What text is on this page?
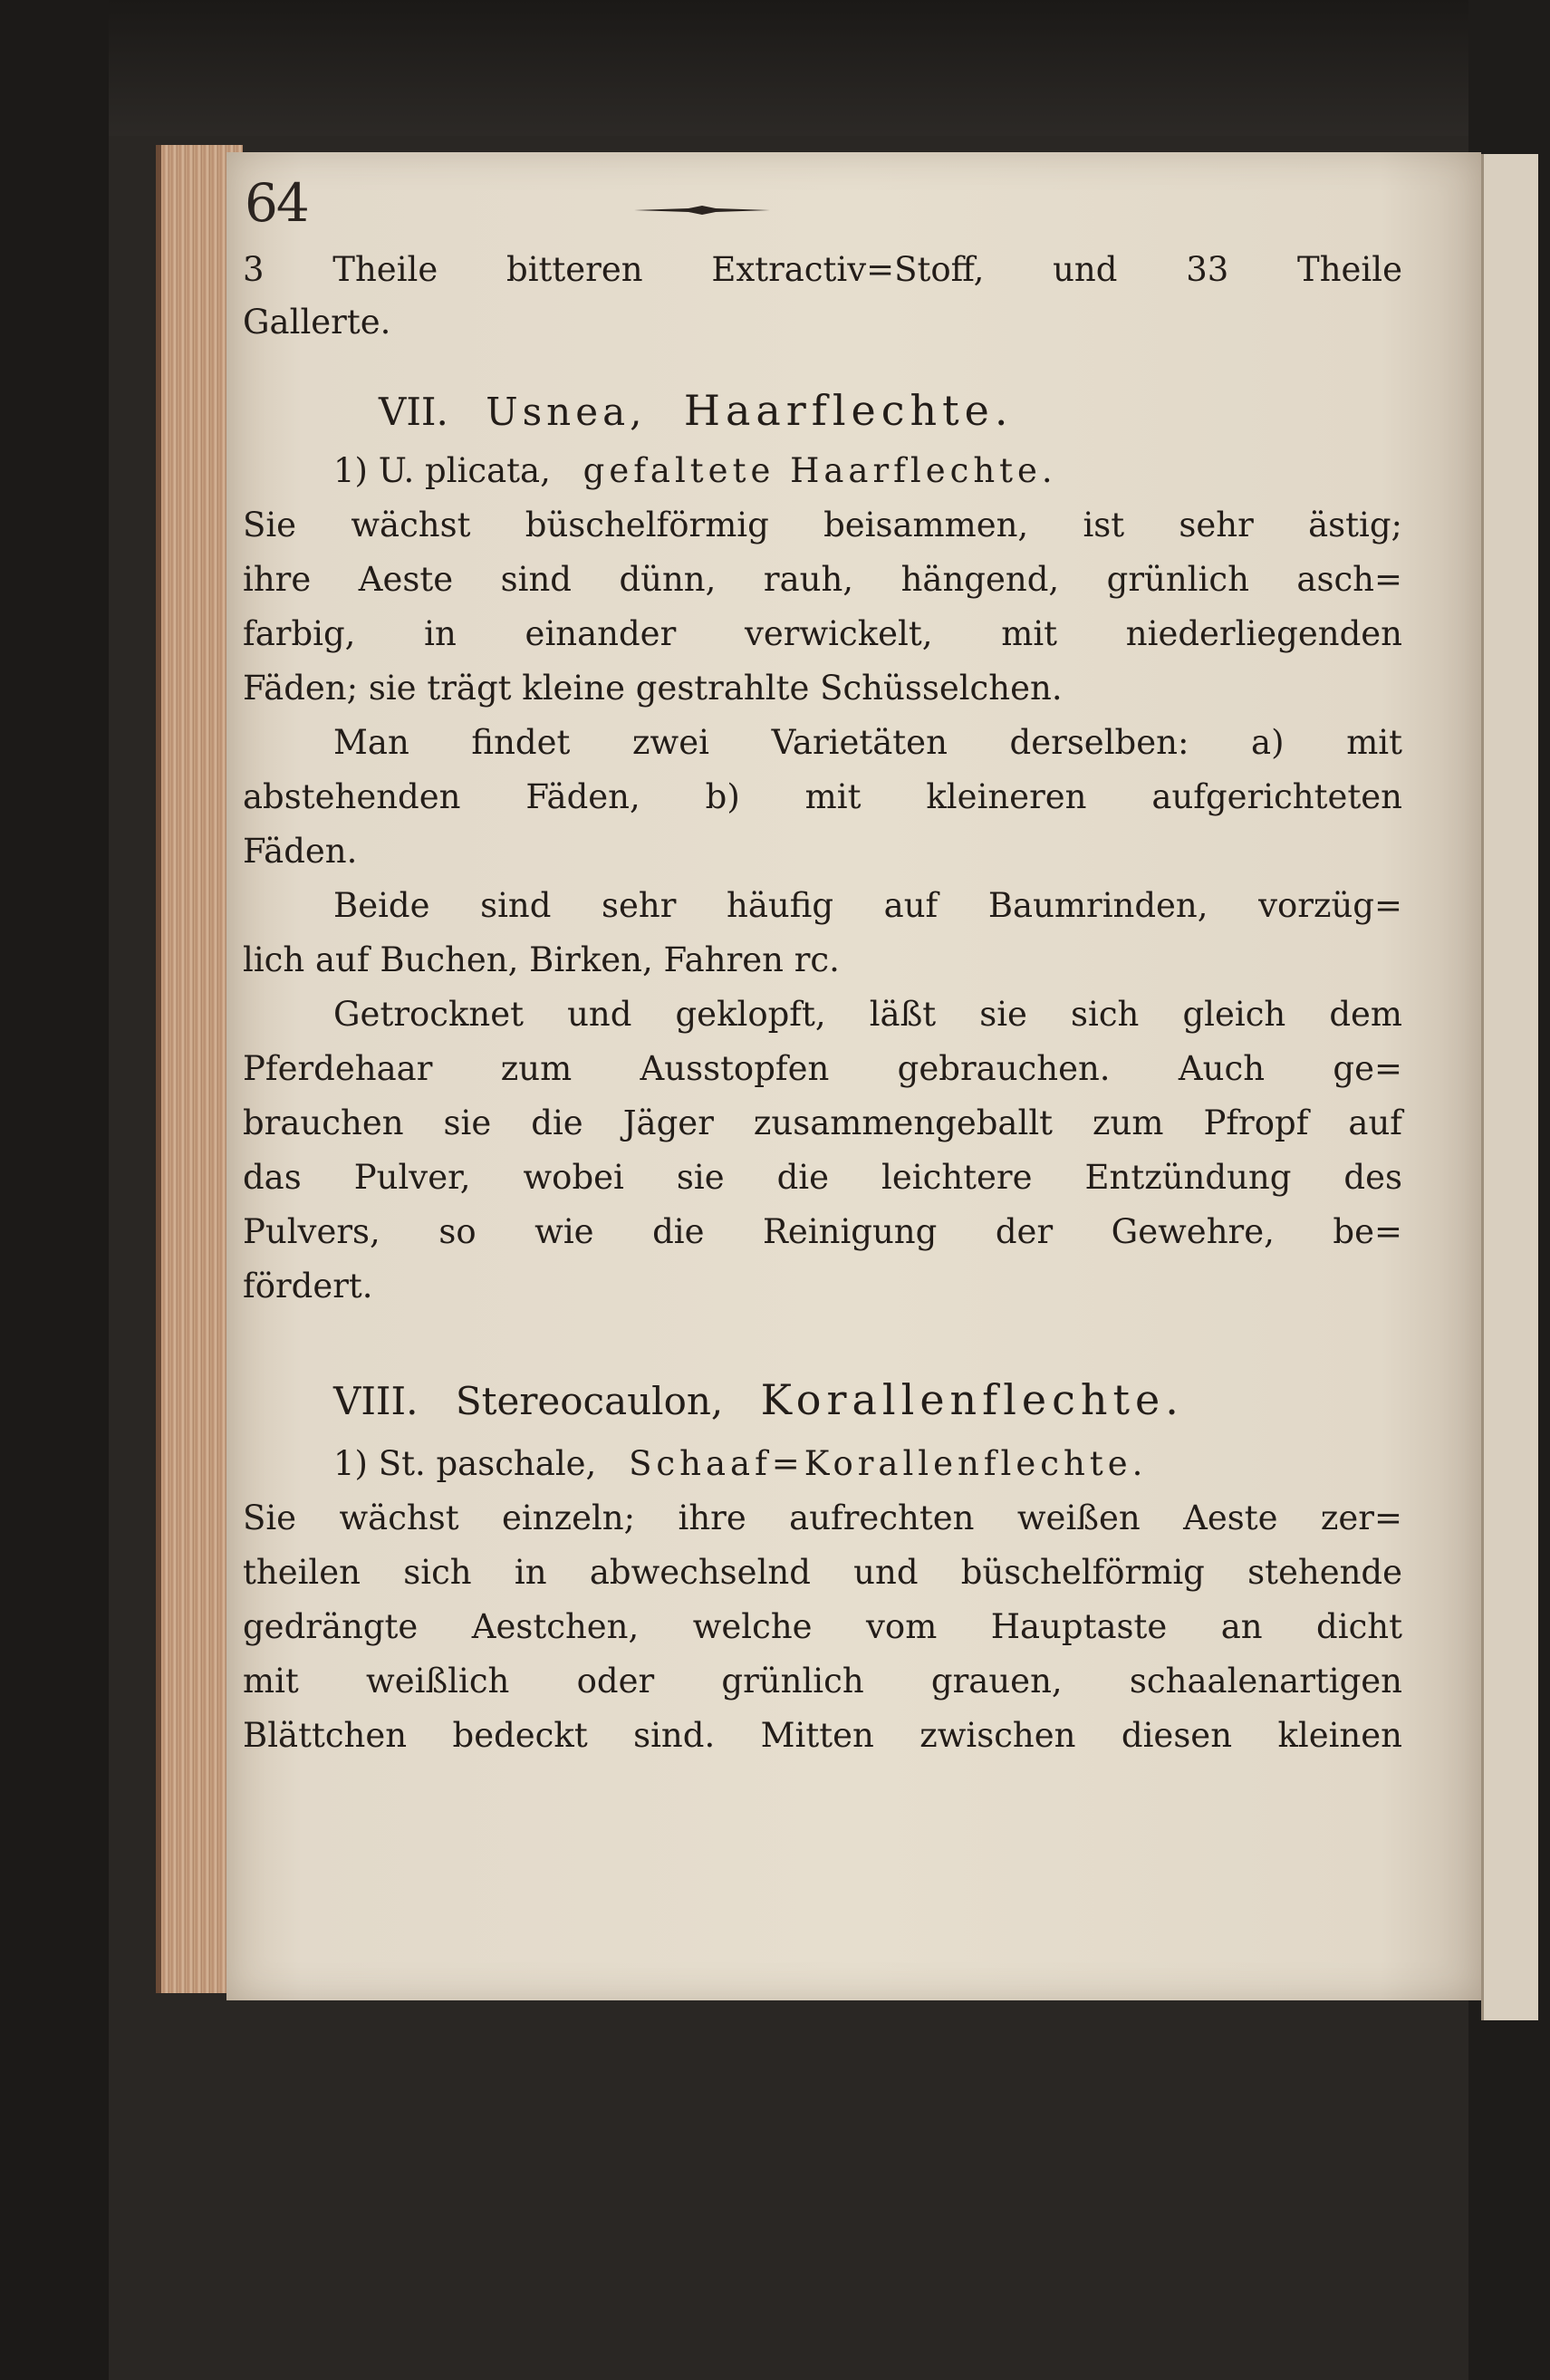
64
3 Theile bitteren Extractiv=Stoff, und 33 Theile
Gallerte.
VII. Usnea, Haarflechte.
1) U. plicata, gefaltete Haarflechte.
Sie wächst büschelförmig beisammen, ist sehr ästig;
ihre Aeste sind dünn, rauh, hängend, grünlich asch=
farbig, in einander verwickelt, mit niederliegenden
Fäden; sie trägt kleine gestrahlte Schüsselchen.
Man findet zwei Varietäten derselben: a) mit
abstehenden Fäden, b) mit kleineren aufgerichteten
Fäden.
Beide sind sehr häufig auf Baumrinden, vorzüg=
lich auf Buchen, Birken, Fahren rc.
Getrocknet und geklopft, läßt sie sich gleich dem
Pferdehaar zum Ausstopfen gebrauchen. Auch ge=
brauchen sie die Jäger zusammengeballt zum Pfropf auf
das Pulver, wobei sie die leichtere Entzündung des
Pulvers, so wie die Reinigung der Gewehre, be=
fördert.
VIII. Stereocaulon, Korallenflechte.
1) St. paschale, Schaaf=Korallenflechte.
Sie wächst einzeln; ihre aufrechten weißen Aeste zer=
theilen sich in abwechselnd und büschelförmig stehende
gedrängte Aestchen, welche vom Hauptaste an dicht
mit weißlich oder grünlich grauen, schaalenartigen
Blättchen bedeckt sind. Mitten zwischen diesen kleinen
